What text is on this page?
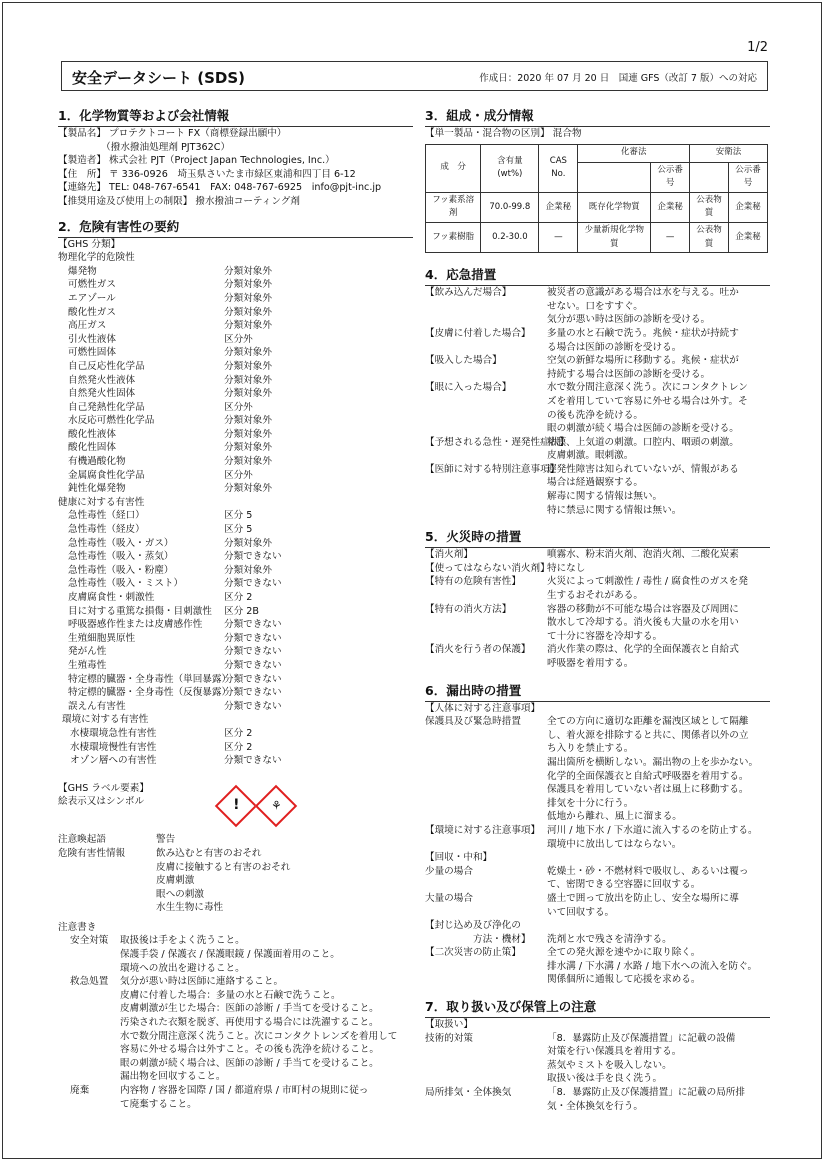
1/2
安全データシート (SDS)	作成日：2020 年 07 月 20 日　国連 GFS（改訂 7 版）への対応
1．化学物質等および会社情報
【製品名】 プロテクトコート FX（商標登録出願中）
　　　　　（撥水撥油処理剤 PJT362C）
【製造者】 株式会社 PJT（Project Japan Technologies, Inc.）
【住　所】 〒 336-0926　埼玉県さいたま市緑区東浦和四丁目 6-12
【連絡先】 TEL: 048-767-6541　FAX: 048-767-6925　info@pjt-inc.jp
【推奨用途及び使用上の制限】 撥水撥油コーティング剤
2．危険有害性の要約
【GHS 分類】
物理化学的危険性
爆発物	分類対象外
可燃性ガス	分類対象外
エアゾール	分類対象外
酸化性ガス	分類対象外
高圧ガス	分類対象外
引火性液体	区分外
可燃性固体	分類対象外
自己反応性化学品	分類対象外
自然発火性液体	分類対象外
自然発火性固体	分類対象外
自己発熱性化学品	区分外
水反応可燃性化学品	分類対象外
酸化性液体	分類対象外
酸化性固体	分類対象外
有機過酸化物	分類対象外
金属腐食性化学品	区分外
鈍性化爆発物	分類対象外
健康に対する有害性
急性毒性（経口）	区分 5
急性毒性（経皮）	区分 5
急性毒性（吸入・ガス）	分類対象外
急性毒性（吸入・蒸気）	分類できない
急性毒性（吸入・粉塵）	分類対象外
急性毒性（吸入・ミスト）	分類できない
皮膚腐食性・刺激性	区分 2
目に対する重篤な損傷・目刺激性 区分 2B
呼吸器感作性または皮膚感作性 分類できない
生殖細胞異原性	分類できない
発がん性	分類できない
生殖毒性	分類できない
特定標的臓器・全身毒性（単回暴露）
分類できない
特定標的臓器・全身毒性（反復暴露）
分類できない
誤えん有害性	分類できない
環境に対する有害性
水棲環境急性有害性	区分 2
水棲環境慢性有害性	区分 2
オゾン層への有害性	分類できない
【GHS ラベル要素】
絵表示又はシンボル	!	⚘
注意喚起語	警告
危険有害性情報	飲み込むと有害のおそれ
皮膚に接触すると有害のおそれ
皮膚刺激
眼への刺激
水生生物に毒性
注意書き
安全対策	取扱後は手をよく洗うこと。
保護手袋 / 保護衣 / 保護眼鏡 / 保護面着用のこと。
環境への放出を避けること。
救急処置	気分が悪い時は医師に連絡すること。
皮膚に付着した場合：多量の水と石鹸で洗うこと。
皮膚刺激が生じた場合：医師の診断 / 手当てを受けること。
汚染された衣類を脱ぎ、再使用する場合には洗濯すること。
水で数分間注意深く洗うこと。次にコンタクトレンズを着用して
容易に外せる場合は外すこと。その後も洗浄を続けること。
眼の刺激が続く場合は、医師の診断 / 手当てを受けること。
漏出物を回収すること。
廃棄	内容物 / 容器を国際 / 国 / 都道府県 / 市町村の規則に従っ
て廃棄すること。
3．組成・成分情報
【単一製品・混合物の区別】 混合物
成　分	含有量 (wt%)	CAS No.	化審法		安衛法	
				公示番号		公示番号
フッ素系溶剤	70.0-99.8	企業秘	既存化学物質	企業秘	公表物質	企業秘
フッ素樹脂	0.2-30.0	—	少量新規化学物質	—	公表物質	企業秘
4．応急措置
【飲み込んだ場合】	被災者の意識がある場合は水を与える。吐か
せない。口をすすぐ。
気分が悪い時は医師の診断を受ける。
【皮膚に付着した場合】	多量の水と石鹸で洗う。兆候・症状が持続す
る場合は医師の診断を受ける。
【吸入した場合】	空気の新鮮な場所に移動する。兆候・症状が
持続する場合は医師の診断を受ける。
【眼に入った場合】	水で数分間注意深く洗う。次にコンタクトレン
ズを着用していて容易に外せる場合は外す。そ
の後も洗浄を続ける。
眼の刺激が続く場合は医師の診断を受ける。
【予想される急性・遅発性症状】
粘膜、上気道の刺激。口腔内、咽頭の刺激。
皮膚刺激。眼刺激。
【医師に対する特別注意事項】
遅発性障害は知られていないが、情報がある
場合は経過観察する。
解毒に関する情報は無い。
特に禁忌に関する情報は無い。
5．火災時の措置
【消火剤】	噴霧水、粉末消火剤、泡消火剤、二酸化炭素
【使ってはならない消火剤】
特になし
【特有の危険有害性】	火災によって刺激性 / 毒性 / 腐食性のガスを発
生するおそれがある。
【特有の消火方法】	容器の移動が不可能な場合は容器及び周囲に
散水して冷却する。消火後も大量の水を用い
て十分に容器を冷却する。
【消火を行う者の保護】	消火作業の際は、化学的全面保護衣と自給式
呼吸器を着用する。
6．漏出時の措置
【人体に対する注意事項】
保護具及び緊急時措置	全ての方向に適切な距離を漏洩区域として隔離
し、着火源を排除すると共に、関係者以外の立
ち入りを禁止する。
漏出箇所を横断しない。漏出物の上を歩かない。
化学的全面保護衣と自給式呼吸器を着用する。
保護具を着用していない者は風上に移動する。
排気を十分に行う。
低地から離れ、風上に溜まる。
【環境に対する注意事項】 河川 / 地下水 / 下水道に流入するのを防止する。
環境中に放出してはならない。
【回収・中和】
少量の場合	乾燥土・砂・不燃材料で吸収し、あるいは覆っ
て、密閉できる空容器に回収する。
大量の場合	盛土で囲って放出を防止し、安全な場所に導
いて回収する。
【封じ込め及び浄化の
方法・機材】	洗剤と水で残さを清浄する。
【二次災害の防止策】	全ての発火源を速やかに取り除く。
排水溝 / 下水溝 / 水路 / 地下水への流入を防ぐ。
関係個所に通報して応援を求める。
7．取り扱い及び保管上の注意
【取扱い】
技術的対策	「8．暴露防止及び保護措置」に記載の設備
対策を行い保護具を着用する。
蒸気やミストを吸入しない。
取扱い後は手を良く洗う。
局所排気・全体換気	「8．暴露防止及び保護措置」に記載の局所排
気・全体換気を行う。
